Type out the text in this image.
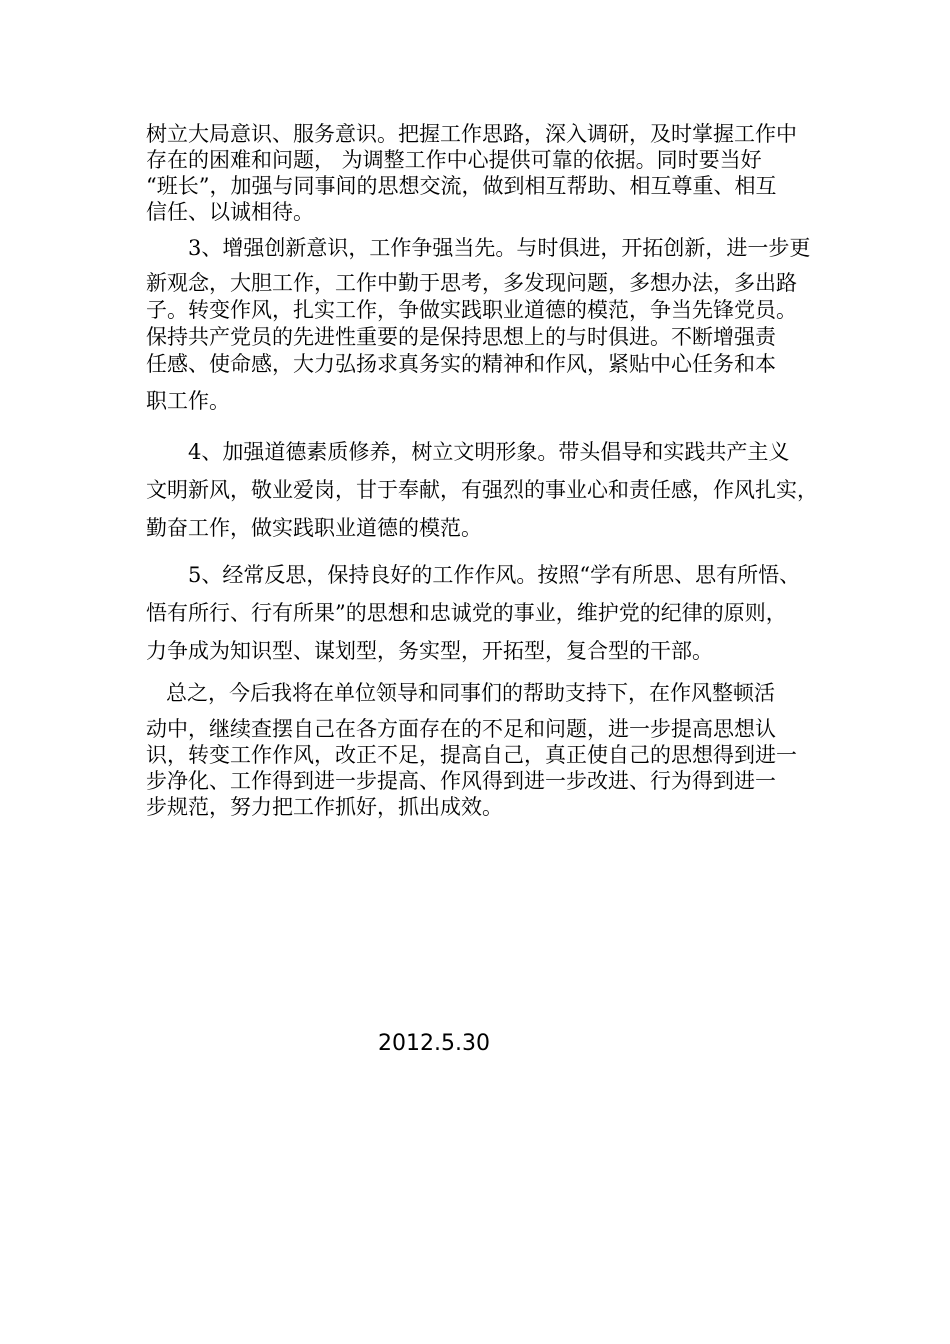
树立大局意识、服务意识。把握工作思路，深入调研，及时掌握工作中
存在的困难和问题， 为调整工作中心提供可靠的依据。同时要当好
“班长”，加强与同事间的思想交流，做到相互帮助、相互尊重、相互
信任、以诚相待。

3、增强创新意识，工作争强当先。与时俱进，开拓创新，进一步更
新观念，大胆工作，工作中勤于思考，多发现问题，多想办法，多出路
子。转变作风，扎实工作，争做实践职业道德的模范，争当先锋党员。
保持共产党员的先进性重要的是保持思想上的与时俱进。不断增强责
任感、使命感，大力弘扬求真务实的精神和作风，紧贴中心任务和本
职工作。

4、加强道德素质修养，树立文明形象。带头倡导和实践共产主义
文明新风，敬业爱岗，甘于奉献，有强烈的事业心和责任感，作风扎实，
勤奋工作，做实践职业道德的模范。

5、经常反思，保持良好的工作作风。按照“学有所思、思有所悟、
悟有所行、行有所果”的思想和忠诚党的事业，维护党的纪律的原则，
力争成为知识型、谋划型，务实型，开拓型，复合型的干部。

总之，今后我将在单位领导和同事们的帮助支持下，在作风整顿活
动中，继续查摆自己在各方面存在的不足和问题，进一步提高思想认
识，转变工作作风，改正不足，提高自己，真正使自己的思想得到进一
步净化、工作得到进一步提高、作风得到进一步改进、行为得到进一
步规范，努力把工作抓好，抓出成效。

2012.5.30
